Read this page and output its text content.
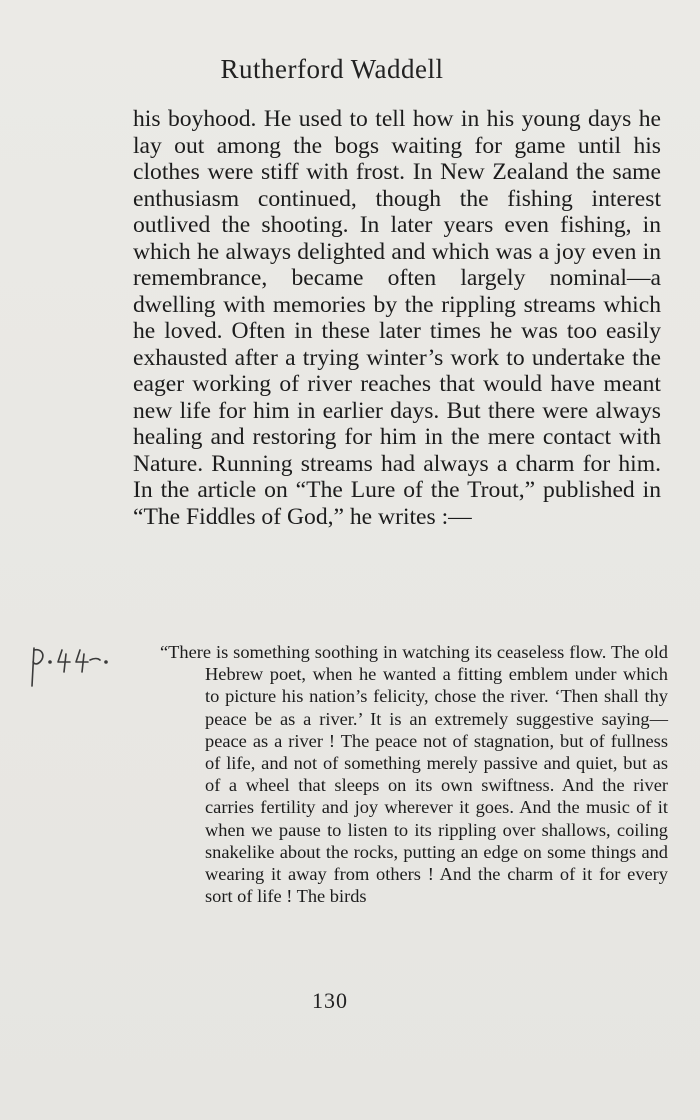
Rutherford Waddell

his boyhood. He used to tell how in his young days he lay out among the bogs waiting for game until his clothes were stiff with frost. In New Zealand the same enthusiasm continued, though the fishing interest outlived the shooting. In later years even fishing, in which he always delighted and which was a joy even in remembrance, became often largely nominal—a dwelling with memories by the rippling streams which he loved. Often in these later times he was too easily exhausted after a trying winter’s work to undertake the eager working of river reaches that would have meant new life for him in earlier days. But there were always healing and restoring for him in the mere contact with Nature. Running streams had always a charm for him. In the article on “The Lure of the Trout,” published in “The Fiddles of God,” he writes :—

“There is something soothing in watching its ceaseless flow. The old Hebrew poet, when he wanted a fitting emblem under which to picture his nation’s felicity, chose the river. ‘Then shall thy peace be as a river.’ It is an extremely suggestive saying—peace as a river ! The peace not of stagnation, but of fullness of life, and not of something merely passive and quiet, but as of a wheel that sleeps on its own swiftness. And the river carries fertility and joy wherever it goes. And the music of it when we pause to listen to its rippling over shallows, coiling snakelike about the rocks, putting an edge on some things and wearing it away from others ! And the charm of it for every sort of life ! The birds

130
